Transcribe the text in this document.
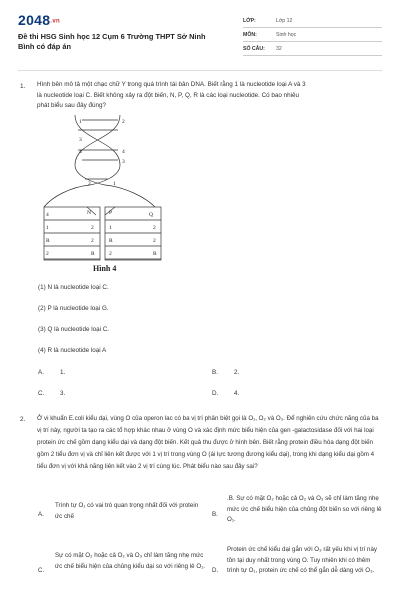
2048.vn
Đề thi HSG Sinh học 12 Cụm 6 Trường THPT Sở Ninh Bình có đáp án
LỚP:	Lớp 12
MÔN:	Sinh học
SỐ CÂU:	32
1. Hình bên mô tả một chạc chữ Y trong quá trình tái bản DNA. Biết rằng 1 là nucleotide loại A và 3
là nucleotide loại C. Biết không xảy ra đột biến, N, P, Q, R là các loại nucleotide. Có bao nhiêu
phát biểu sau đây đúng?
1	2
3
4	4
3
2	1
4	N
1
R
2
2
2
R
P	Q
1
R
2
2
2
R
Hình 4
(1) N là nucleotide loại C.
(2) P là nucleotide loại G.
(3) Q là nucleotide loại C.
(4) R là nucleotide loại A
A.	1.	B.	2.
C. 3.	D. 4.
2. Ở vi khuẩn E.coli kiểu dại, vùng O của operon lac có ba vị trí phân biệt gọi là O₁, O₂ và O₃. Để nghiên cứu chức năng của ba vị trí này, người ta tạo ra các tổ hợp khác nhau ở vùng O và xác định mức biểu hiện của gen -galactosidase đối với hai loại protein ức chế gồm dạng kiểu dại và dạng đột biến. Kết quả thu được ở hình bên. Biết rằng protein điều hòa dạng đột biến gồm 2 tiểu đơn vị và chỉ liên kết được với 1 vị trí trong vùng O (ái lực tương đương kiểu dại), trong khi dạng kiểu dại gồm 4 tiểu đơn vị với khả năng liên kết vào 2 vị trí cùng lúc. Phát biểu nào sau đây sai?
A.
Trình tự O₁ có vai trò quan trọng nhất đối với protein ức chế	B.
.B. Sự có mặt O₂ hoặc cả O₂ và O₃ sẽ chỉ làm tăng nhẹ mức ức chế biểu hiện của chủng đột biến so với riêng lẻ O₁.
C.
Sự có mặt O₂ hoặc cả O₂ và O₃ chỉ làm tăng nhẹ mức ức chế biểu hiện của chủng kiểu dại so với riêng lẻ O₁.
D.
Protein ức chế kiểu dại gắn với O₃ rất yếu khi vị trí này tồn tại duy nhất trong vùng O. Tuy nhiên khi có thêm trình tự O₁, protein ức chế có thể gắn dễ dàng với O₃.
